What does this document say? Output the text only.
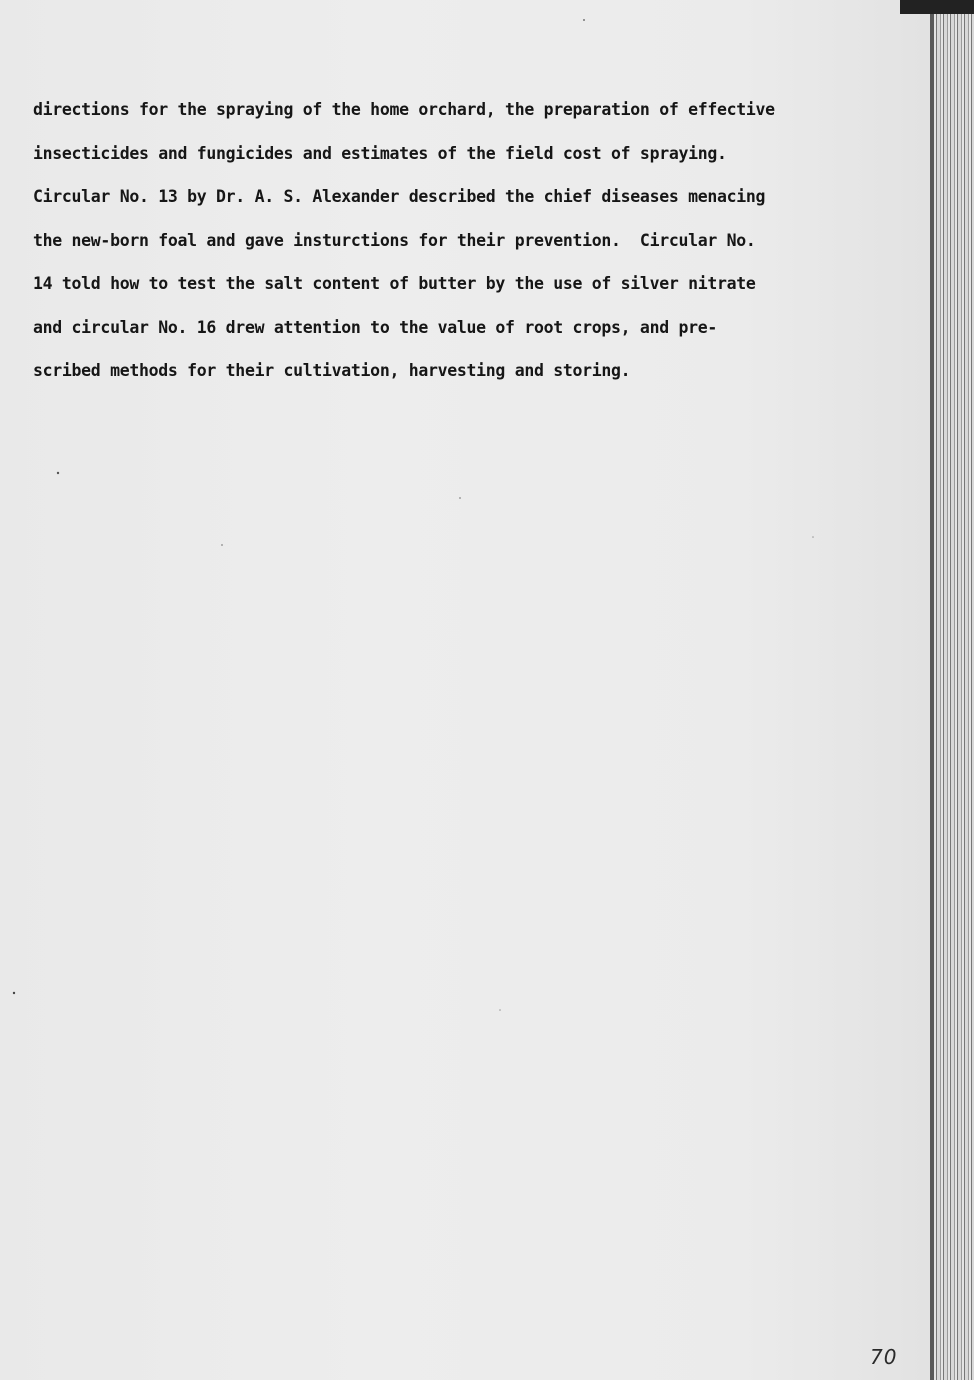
directions for the spraying of the home orchard, the preparation of effective
insecticides and fungicides and estimates of the field cost of spraying.
Circular No. 13 by Dr. A. S. Alexander described the chief diseases menacing
the new-born foal and gave insturctions for their prevention.  Circular No.
14 told how to test the salt content of butter by the use of silver nitrate
and circular No. 16 drew attention to the value of root crops, and pre-
scribed methods for their cultivation, harvesting and storing.
70
